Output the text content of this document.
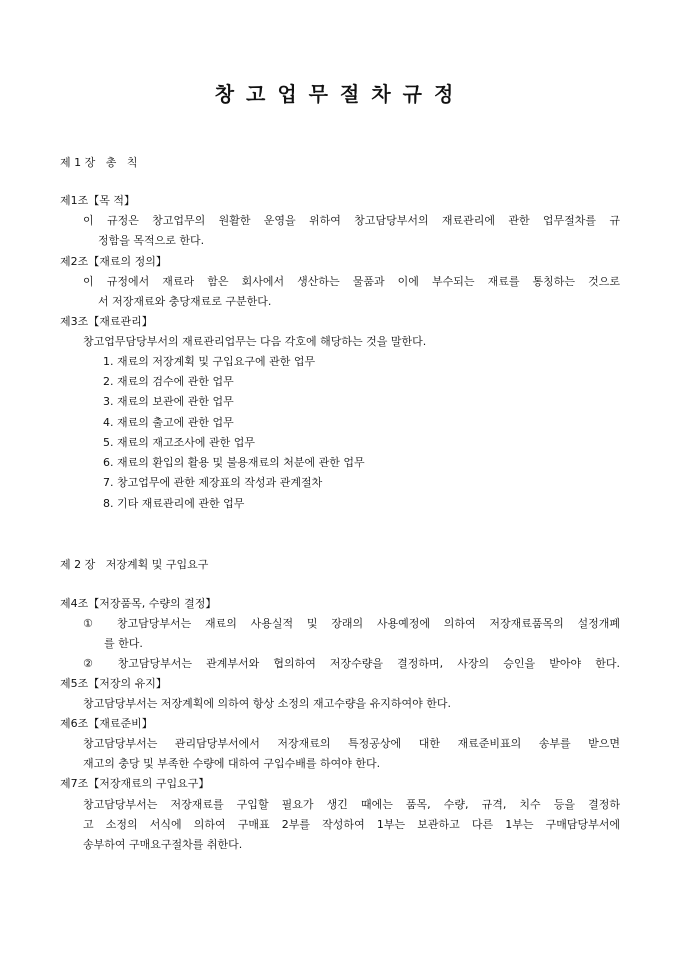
창고업무절차규정
제 1 장   총   칙
제1조【목 적】
이 규정은 창고업무의 원활한 운영을 위하여 창고담당부서의 재료관리에 관한 업무절차를 규
정함을 목적으로 한다.
제2조【재료의 정의】
이 규정에서 재료라 함은 회사에서 생산하는 물품과 이에 부수되는 재료를 통칭하는 것으로
서 저장재료와 충당재료로 구분한다.
제3조【재료관리】
창고업무담당부서의 재료관리업무는 다음 각호에 해당하는 것을 말한다.
1. 재료의 저장계획 및 구입요구에 관한 업무
2. 재료의 검수에 관한 업무
3. 재료의 보관에 관한 업무
4. 재료의 출고에 관한 업무
5. 재료의 재고조사에 관한 업무
6. 재료의 환입의 활용 및 불용재료의 처분에 관한 업무
7. 창고업무에 관한 제장표의 작성과 관계절차
8. 기타 재료관리에 관한 업무
제 2 장   저장계획 및 구입요구
제4조【저장품목, 수량의 결정】
① 창고담당부서는 재료의 사용실적 및 장래의 사용예정에 의하여 저장재료품목의 설정개폐
를 한다.
② 창고담당부서는 관계부서와 협의하여 저장수량을 결정하며, 사장의 승인을 받아야 한다.
제5조【저장의 유지】
창고담당부서는 저장계획에 의하여 항상 소정의 재고수량을 유지하여야 한다.
제6조【재료준비】
창고담당부서는 관리담당부서에서 저장재료의 특정공상에 대한 재료준비표의 송부를 받으면
재고의 충당 및 부족한 수량에 대하여 구입수배를 하여야 한다.
제7조【저장재료의 구입요구】
창고담당부서는 저장재료를 구입할 필요가 생긴 때에는 품목, 수량, 규격, 치수 등을 결정하
고 소정의 서식에 의하여 구매표 2부를 작성하여 1부는 보관하고 다른 1부는 구매담당부서에
송부하여 구매요구절차를 취한다.
